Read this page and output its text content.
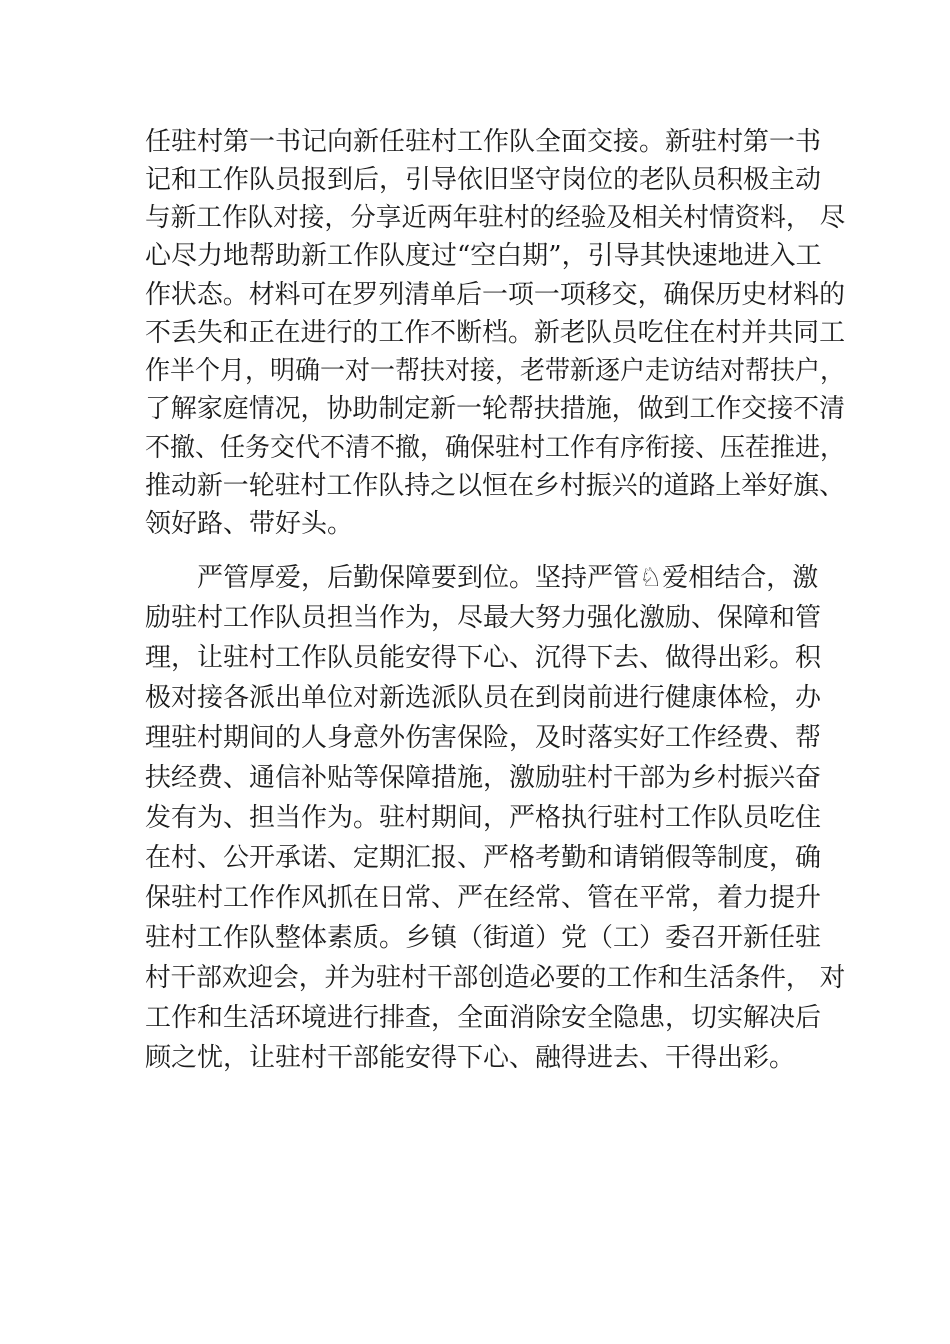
任驻村第一书记向新任驻村工作队全面交接。新驻村第一书
记和工作队员报到后，引导依旧坚守岗位的老队员积极主动
与新工作队对接，分享近两年驻村的经验及相关村情资料， 尽
心尽力地帮助新工作队度过“空白期”，引导其快速地进入工
作状态。材料可在罗列清单后一项一项移交，确保历史材料的
不丢失和正在进行的工作不断档。新老队员吃住在村并共同工
作半个月，明确一对一帮扶对接，老带新逐户走访结对帮扶户，
了解家庭情况，协助制定新一轮帮扶措施，做到工作交接不清
不撤、任务交代不清不撤，确保驻村工作有序衔接、压茬推进，
推动新一轮驻村工作队持之以恒在乡村振兴的道路上举好旗、
领好路、带好头。
严管厚爱，后勤保障要到位。坚持严管♘爱相结合，激
励驻村工作队员担当作为，尽最大努力强化激励、保障和管
理，让驻村工作队员能安得下心、沉得下去、做得出彩。积
极对接各派出单位对新选派队员在到岗前进行健康体检，办
理驻村期间的人身意外伤害保险，及时落实好工作经费、帮
扶经费、通信补贴等保障措施，激励驻村干部为乡村振兴奋
发有为、担当作为。驻村期间，严格执行驻村工作队员吃住
在村、公开承诺、定期汇报、严格考勤和请销假等制度，确
保驻村工作作风抓在日常、严在经常、管在平常，着力提升
驻村工作队整体素质。乡镇（街道）党（工）委召开新任驻
村干部欢迎会，并为驻村干部创造必要的工作和生活条件， 对
工作和生活环境进行排查，全面消除安全隐患，切实解决后
顾之忧，让驻村干部能安得下心、融得进去、干得出彩。
